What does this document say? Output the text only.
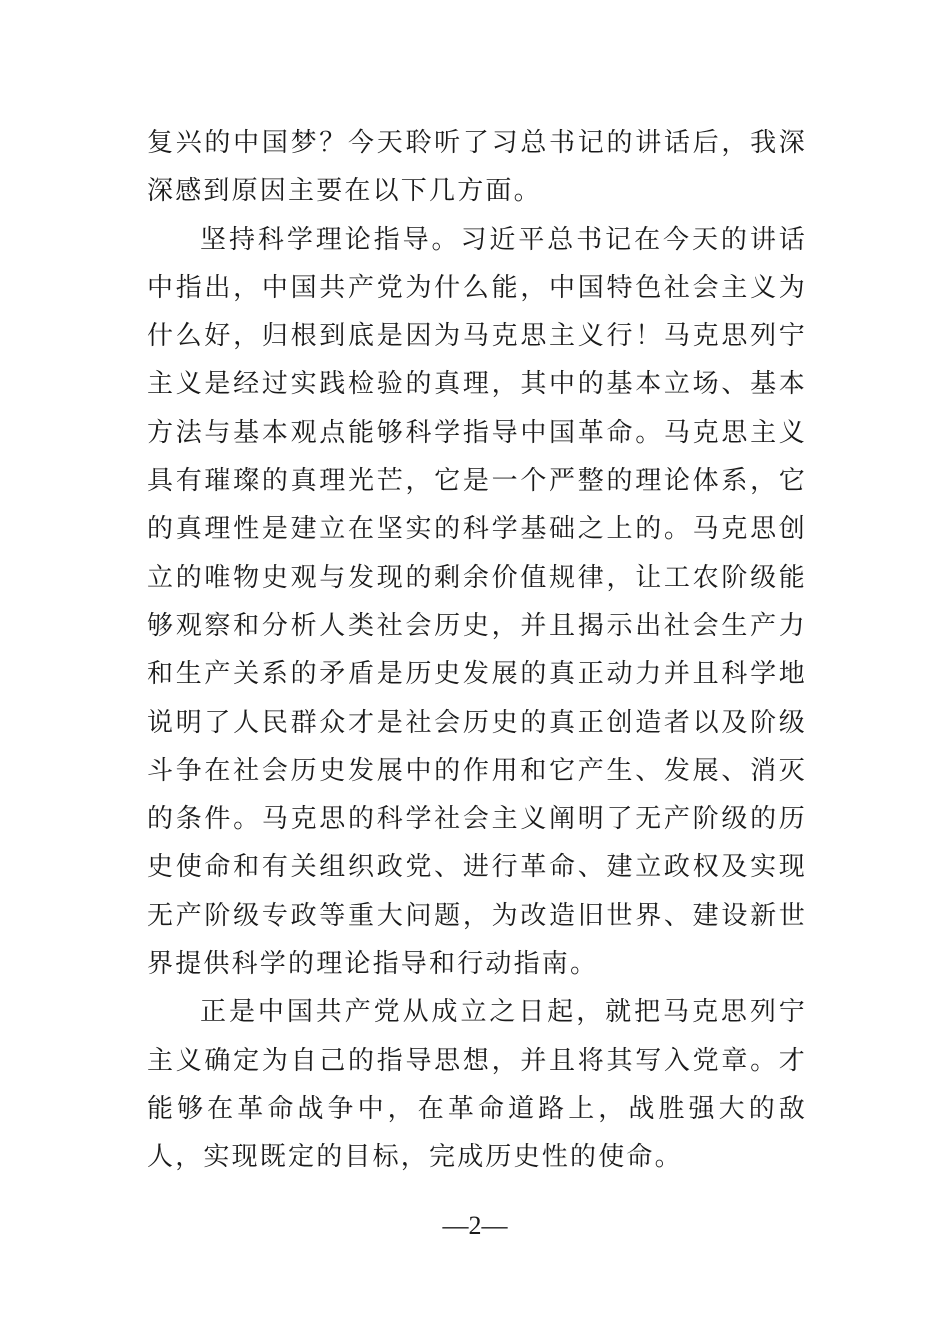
复兴的中国梦？今天聆听了习总书记的讲话后，我深深感到原因主要在以下几方面。

坚持科学理论指导。习近平总书记在今天的讲话中指出，中国共产党为什么能，中国特色社会主义为什么好，归根到底是因为马克思主义行！马克思列宁主义是经过实践检验的真理，其中的基本立场、基本方法与基本观点能够科学指导中国革命。马克思主义具有璀璨的真理光芒，它是一个严整的理论体系，它的真理性是建立在坚实的科学基础之上的。马克思创立的唯物史观与发现的剩余价值规律，让工农阶级能够观察和分析人类社会历史，并且揭示出社会生产力和生产关系的矛盾是历史发展的真正动力并且科学地说明了人民群众才是社会历史的真正创造者以及阶级斗争在社会历史发展中的作用和它产生、发展、消灭的条件。马克思的科学社会主义阐明了无产阶级的历史使命和有关组织政党、进行革命、建立政权及实现无产阶级专政等重大问题，为改造旧世界、建设新世界提供科学的理论指导和行动指南。

正是中国共产党从成立之日起，就把马克思列宁主义确定为自己的指导思想，并且将其写入党章。才能够在革命战争中，在革命道路上，战胜强大的敌人，实现既定的目标，完成历史性的使命。

—2—
